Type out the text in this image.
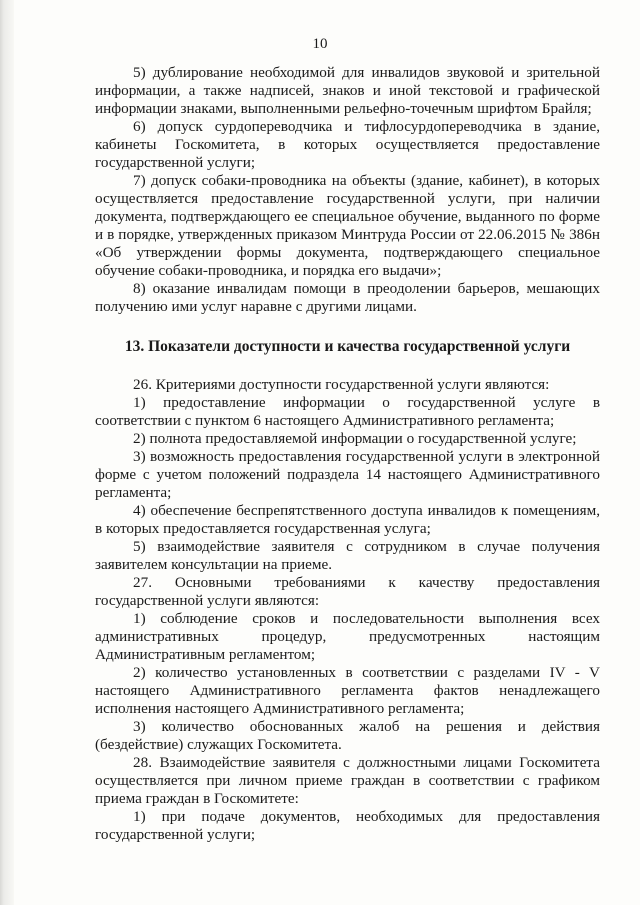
10

5) дублирование необходимой для инвалидов звуковой и зрительной информации, а также надписей, знаков и иной текстовой и графической информации знаками, выполненными рельефно-точечным шрифтом Брайля;

6) допуск сурдопереводчика и тифлосурдопереводчика в здание, кабинеты Госкомитета, в которых осуществляется предоставление государственной услуги;

7) допуск собаки-проводника на объекты (здание, кабинет), в которых осуществляется предоставление государственной услуги, при наличии документа, подтверждающего ее специальное обучение, выданного по форме и в порядке, утвержденных приказом Минтруда России от 22.06.2015 № 386н «Об утверждении формы документа, подтверждающего специальное обучение собаки-проводника, и порядка его выдачи»;

8) оказание инвалидам помощи в преодолении барьеров, мешающих получению ими услуг наравне с другими лицами.

13. Показатели доступности и качества государственной услуги

26. Критериями доступности государственной услуги являются:

1) предоставление информации о государственной услуге в соответствии с пунктом 6 настоящего Административного регламента;

2) полнота предоставляемой информации о государственной услуге;

3) возможность предоставления государственной услуги в электронной форме с учетом положений подраздела 14 настоящего Административного регламента;

4) обеспечение беспрепятственного доступа инвалидов к помещениям, в которых предоставляется государственная услуга;

5) взаимодействие заявителя с сотрудником в случае получения заявителем консультации на приеме.

27. Основными требованиями к качеству предоставления государственной услуги являются:

1) соблюдение сроков и последовательности выполнения всех административных процедур, предусмотренных настоящим Административным регламентом;

2) количество установленных в соответствии с разделами IV - V настоящего Административного регламента фактов ненадлежащего исполнения настоящего Административного регламента;

3) количество обоснованных жалоб на решения и действия (бездействие) служащих Госкомитета.

28. Взаимодействие заявителя с должностными лицами Госкомитета осуществляется при личном приеме граждан в соответствии с графиком приема граждан в Госкомитете:

1) при подаче документов, необходимых для предоставления государственной услуги;
